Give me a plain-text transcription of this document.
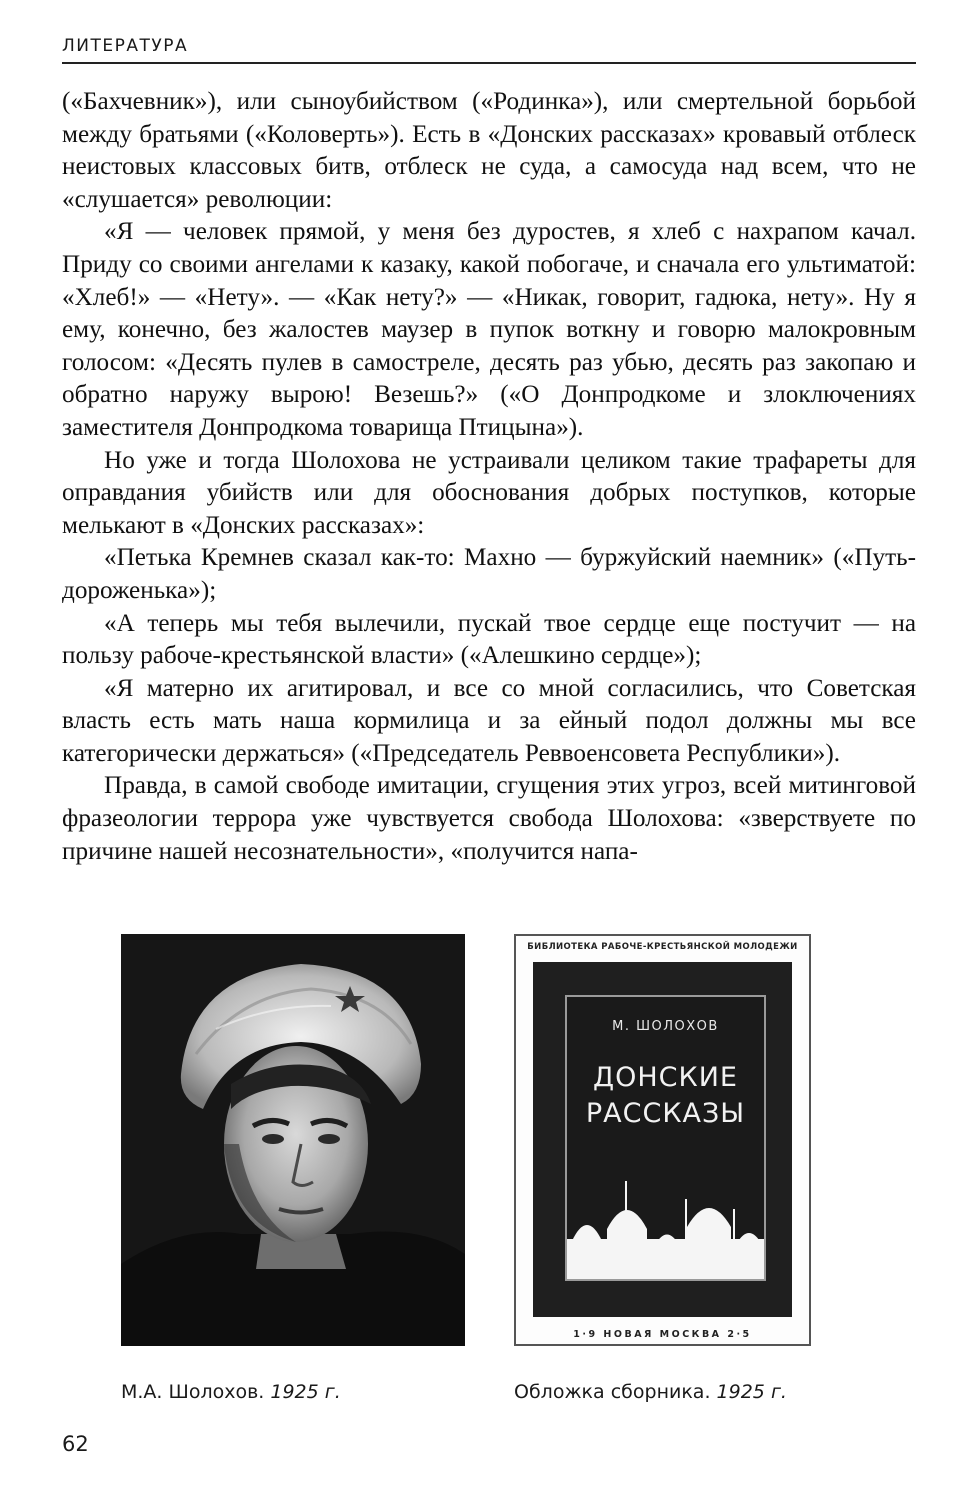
ЛИТЕРАТУРА

(«Бахчевник»), или сыноубийством («Родинка»), или смертельной борьбой между братьями («Коловерть»). Есть в «Донских рассказах» кровавый отблеск неистовых классовых битв, отблеск не суда, а самосуда над всем, что не «слушается» революции:

«Я — человек прямой, у меня без дуростев, я хлеб с нахрапом качал. Приду со своими ангелами к казаку, какой побогаче, и сначала его ультиматой: «Хлеб!» — «Нету». — «Как нету?» — «Никак, говорит, гадюка, нету». Ну я ему, конечно, без жалостев маузер в пупок воткну и говорю малокровным голосом: «Десять пулев в самостреле, десять раз убью, десять раз закопаю и обратно наружу вырою! Везешь?» («О Донпродкоме и злоключениях заместителя Донпродкома товарища Птицына»).

Но уже и тогда Шолохова не устраивали целиком такие трафареты для оправдания убийств или для обоснования добрых поступков, которые мелькают в «Донских рассказах»:

«Петька Кремнев сказал как-то: Махно — буржуйский наемник» («Путь-дороженька»);

«А теперь мы тебя вылечили, пускай твое сердце еще постучит — на пользу рабоче-крестьянской власти» («Алешкино сердце»);

«Я матерно их агитировал, и все со мной согласились, что Советская власть есть мать наша кормилица и за ейный подол должны мы все категорически держаться» («Председатель Реввоенсовета Республики»).

Правда, в самой свободе имитации, сгущения этих угроз, всей митинговой фразеологии террора уже чувствуется свобода Шолохова: «зверствуете по причине нашей несознательности», «получится напа-

БИБЛИОТЕКА РАБОЧЕ-КРЕСТЬЯНСКОЙ МОЛОДЕЖИ
М. ШОЛОХОВ
ДОНСКИЕ
РАССКАЗЫ
1·9 НОВАЯ МОСКВА 2·5
М.А. Шолохов. 1925 г.	Обложка сборника. 1925 г.
62
